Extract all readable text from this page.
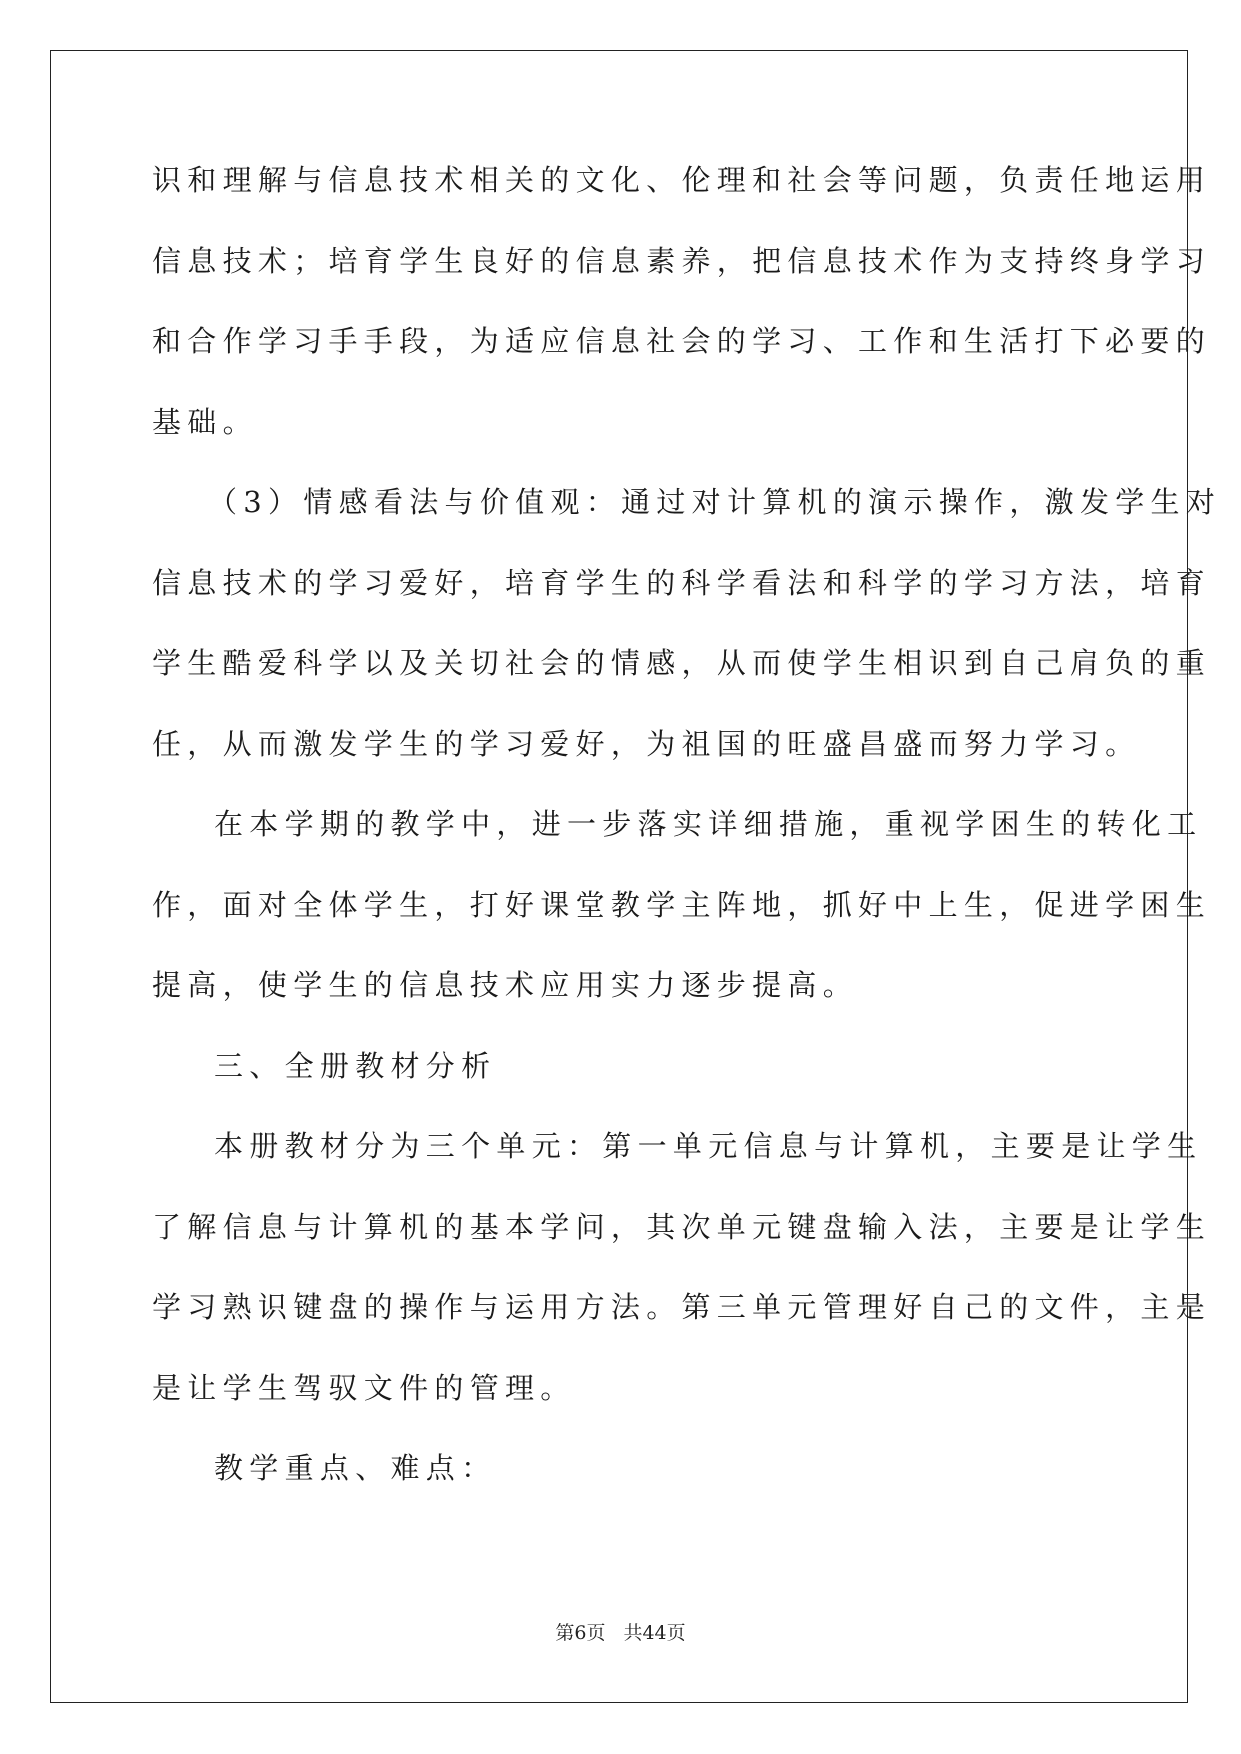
识和理解与信息技术相关的文化、伦理和社会等问题，负责任地运用
信息技术；培育学生良好的信息素养，把信息技术作为支持终身学习
和合作学习手手段，为适应信息社会的学习、工作和生活打下必要的
基础。
（3）情感看法与价值观：通过对计算机的演示操作，激发学生对
信息技术的学习爱好，培育学生的科学看法和科学的学习方法，培育
学生酷爱科学以及关切社会的情感，从而使学生相识到自己肩负的重
任，从而激发学生的学习爱好，为祖国的旺盛昌盛而努力学习。
在本学期的教学中，进一步落实详细措施，重视学困生的转化工
作，面对全体学生，打好课堂教学主阵地，抓好中上生，促进学困生
提高，使学生的信息技术应用实力逐步提高。
三、全册教材分析
本册教材分为三个单元：第一单元信息与计算机，主要是让学生
了解信息与计算机的基本学问，其次单元键盘输入法，主要是让学生
学习熟识键盘的操作与运用方法。第三单元管理好自己的文件，主是
是让学生驾驭文件的管理。
教学重点、难点：
第6页 共44页
